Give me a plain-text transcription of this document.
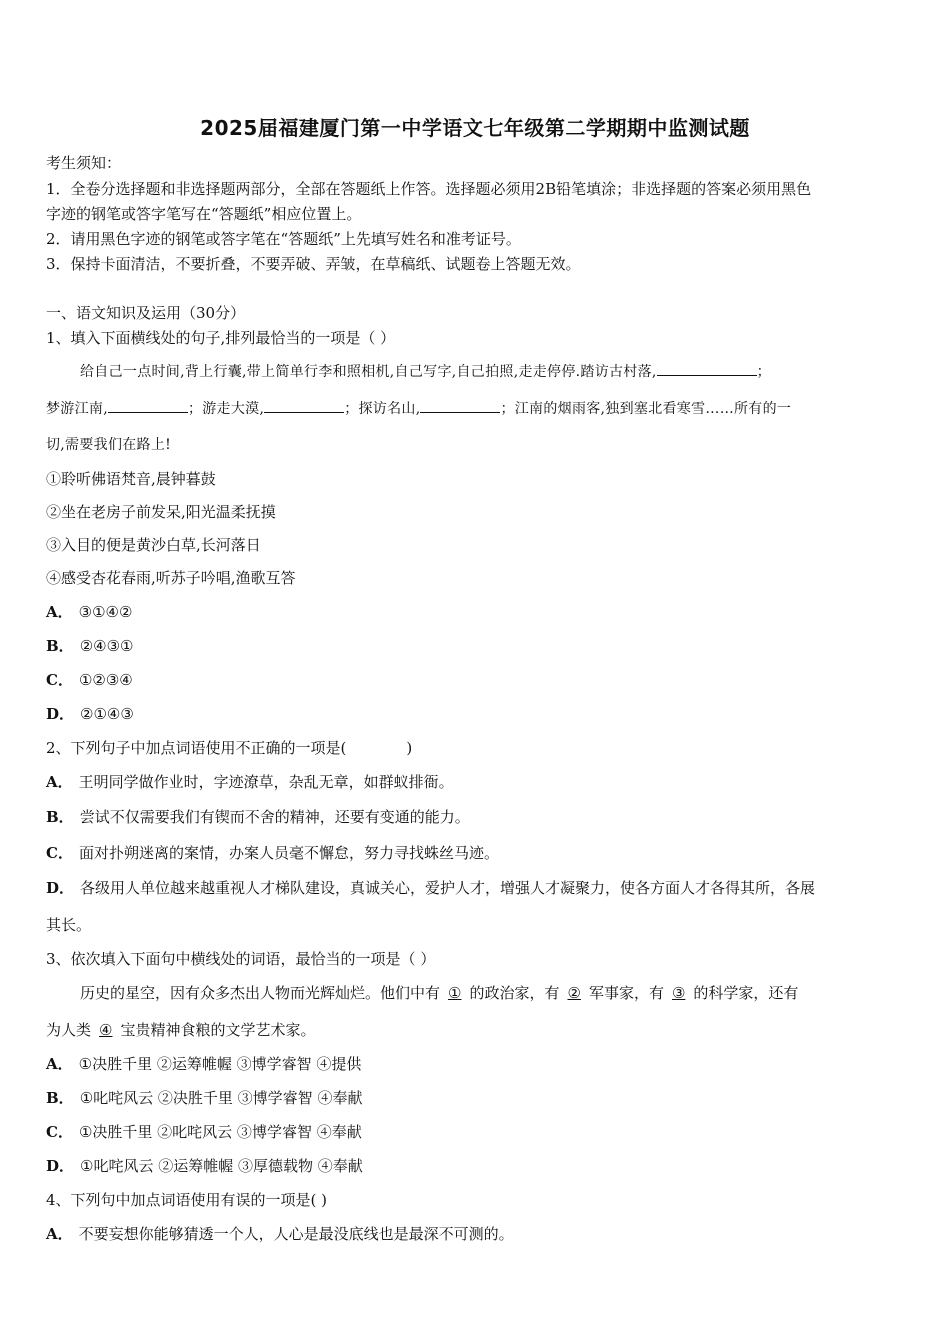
2025届福建厦门第一中学语文七年级第二学期期中监测试题
考生须知：
1．全卷分选择题和非选择题两部分，全部在答题纸上作答。选择题必须用2B铅笔填涂；非选择题的答案必须用黑色
字迹的钢笔或答字笔写在“答题纸”相应位置上。
2．请用黑色字迹的钢笔或答字笔在“答题纸”上先填写姓名和准考证号。
3．保持卡面清洁，不要折叠，不要弄破、弄皱，在草稿纸、试题卷上答题无效。
一、语文知识及运用（30分）
1、填入下面横线处的句子,排列最恰当的一项是（ ）
给自己一点时间,背上行囊,带上简单行李和照相机,自己写字,自己拍照,走走停停.踏访古村落,	；
梦游江南,	；游走大漠,	；探访名山,	；江南的烟雨客,独到塞北看寒雪……所有的一
切,需要我们在路上!
①聆听佛语梵音,晨钟暮鼓
②坐在老房子前发呆,阳光温柔抚摸
③入目的便是黄沙白草,长河落日
④感受杏花春雨,听苏子吟唱,渔歌互答
A． ③①④②
B． ②④③①
C． ①②③④
D． ②①④③
2、下列句子中加点词语使用不正确的一项是(	)
A． 王明同学做作业时，字迹潦草，杂乱无章，如群蚁排衙。
B． 尝试不仅需要我们有锲而不舍的精神，还要有变通的能力。
C． 面对扑朔迷离的案情，办案人员毫不懈怠，努力寻找蛛丝马迹。
D． 各级用人单位越来越重视人才梯队建设，真诚关心，爱护人才，增强人才凝聚力，使各方面人才各得其所，各展
其长。
3、依次填入下面句中横线处的词语，最恰当的一项是（ ）
历史的星空，因有众多杰出人物而光辉灿烂。他们中有 ① 的政治家，有 ② 军事家，有 ③ 的科学家，还有
为人类 ④ 宝贵精神食粮的文学艺术家。
A． ①决胜千里 ②运筹帷幄 ③博学睿智 ④提供
B． ①叱咤风云 ②决胜千里 ③博学睿智 ④奉献
C． ①决胜千里 ②叱咤风云 ③博学睿智 ④奉献
D． ①叱咤风云 ②运筹帷幄 ③厚德载物 ④奉献
4、下列句中加点词语使用有误的一项是( )
A． 不要妄想你能够猜透一个人，人心是最没底线也是最深不可测的。
